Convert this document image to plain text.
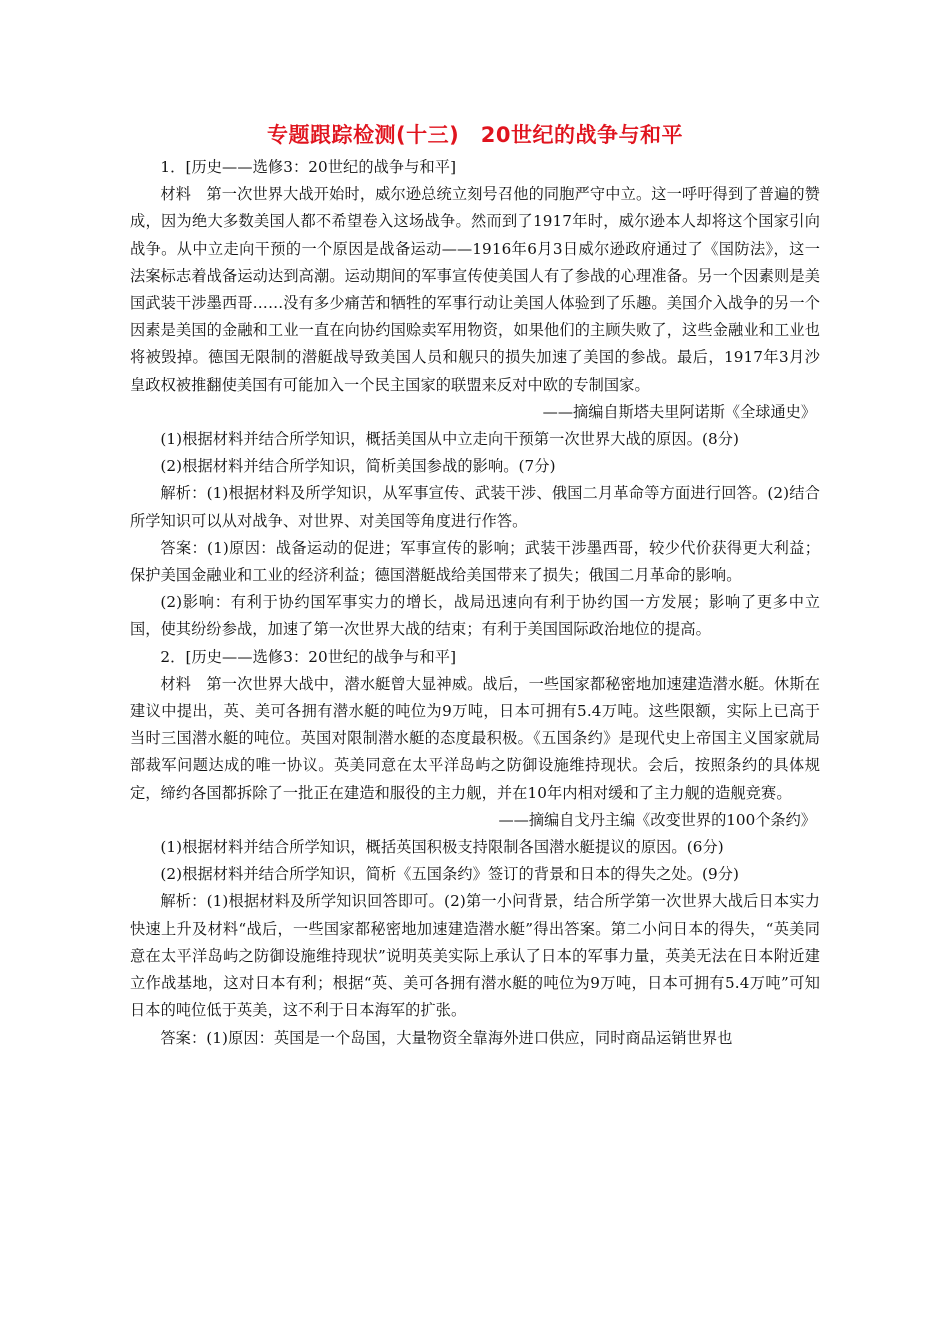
专题跟踪检测(十三)　20世纪的战争与和平

1．[历史——选修3：20世纪的战争与和平]

材料　第一次世界大战开始时，威尔逊总统立刻号召他的同胞严守中立。这一呼吁得到了普遍的赞成，因为绝大多数美国人都不希望卷入这场战争。然而到了1917年时，威尔逊本人却将这个国家引向战争。从中立走向干预的一个原因是战备运动——1916年6月3日威尔逊政府通过了《国防法》，这一法案标志着战备运动达到高潮。运动期间的军事宣传使美国人有了参战的心理准备。另一个因素则是美国武装干涉墨西哥……没有多少痛苦和牺牲的军事行动让美国人体验到了乐趣。美国介入战争的另一个因素是美国的金融和工业一直在向协约国赊卖军用物资，如果他们的主顾失败了，这些金融业和工业也将被毁掉。德国无限制的潜艇战导致美国人员和舰只的损失加速了美国的参战。最后，1917年3月沙皇政权被推翻使美国有可能加入一个民主国家的联盟来反对中欧的专制国家。

——摘编自斯塔夫里阿诺斯《全球通史》

(1)根据材料并结合所学知识，概括美国从中立走向干预第一次世界大战的原因。(8分)

(2)根据材料并结合所学知识，简析美国参战的影响。(7分)

解析：(1)根据材料及所学知识，从军事宣传、武装干涉、俄国二月革命等方面进行回答。(2)结合所学知识可以从对战争、对世界、对美国等角度进行作答。

答案：(1)原因：战备运动的促进；军事宣传的影响；武装干涉墨西哥，较少代价获得更大利益；保护美国金融业和工业的经济利益；德国潜艇战给美国带来了损失；俄国二月革命的影响。

(2)影响：有利于协约国军事实力的增长，战局迅速向有利于协约国一方发展；影响了更多中立国，使其纷纷参战，加速了第一次世界大战的结束；有利于美国国际政治地位的提高。

2．[历史——选修3：20世纪的战争与和平]

材料　第一次世界大战中，潜水艇曾大显神威。战后，一些国家都秘密地加速建造潜水艇。休斯在建议中提出，英、美可各拥有潜水艇的吨位为9万吨，日本可拥有5.4万吨。这些限额，实际上已高于当时三国潜水艇的吨位。英国对限制潜水艇的态度最积极。《五国条约》是现代史上帝国主义国家就局部裁军问题达成的唯一协议。英美同意在太平洋岛屿之防御设施维持现状。会后，按照条约的具体规定，缔约各国都拆除了一批正在建造和服役的主力舰，并在10年内相对缓和了主力舰的造舰竞赛。

——摘编自戈丹主编《改变世界的100个条约》

(1)根据材料并结合所学知识，概括英国积极支持限制各国潜水艇提议的原因。(6分)

(2)根据材料并结合所学知识，简析《五国条约》签订的背景和日本的得失之处。(9分)

解析：(1)根据材料及所学知识回答即可。(2)第一小问背景，结合所学第一次世界大战后日本实力快速上升及材料“战后，一些国家都秘密地加速建造潜水艇”得出答案。第二小问日本的得失，“英美同意在太平洋岛屿之防御设施维持现状”说明英美实际上承认了日本的军事力量，英美无法在日本附近建立作战基地，这对日本有利；根据“英、美可各拥有潜水艇的吨位为9万吨，日本可拥有5.4万吨”可知日本的吨位低于英美，这不利于日本海军的扩张。

答案：(1)原因：英国是一个岛国，大量物资全靠海外进口供应，同时商品运销世界也
